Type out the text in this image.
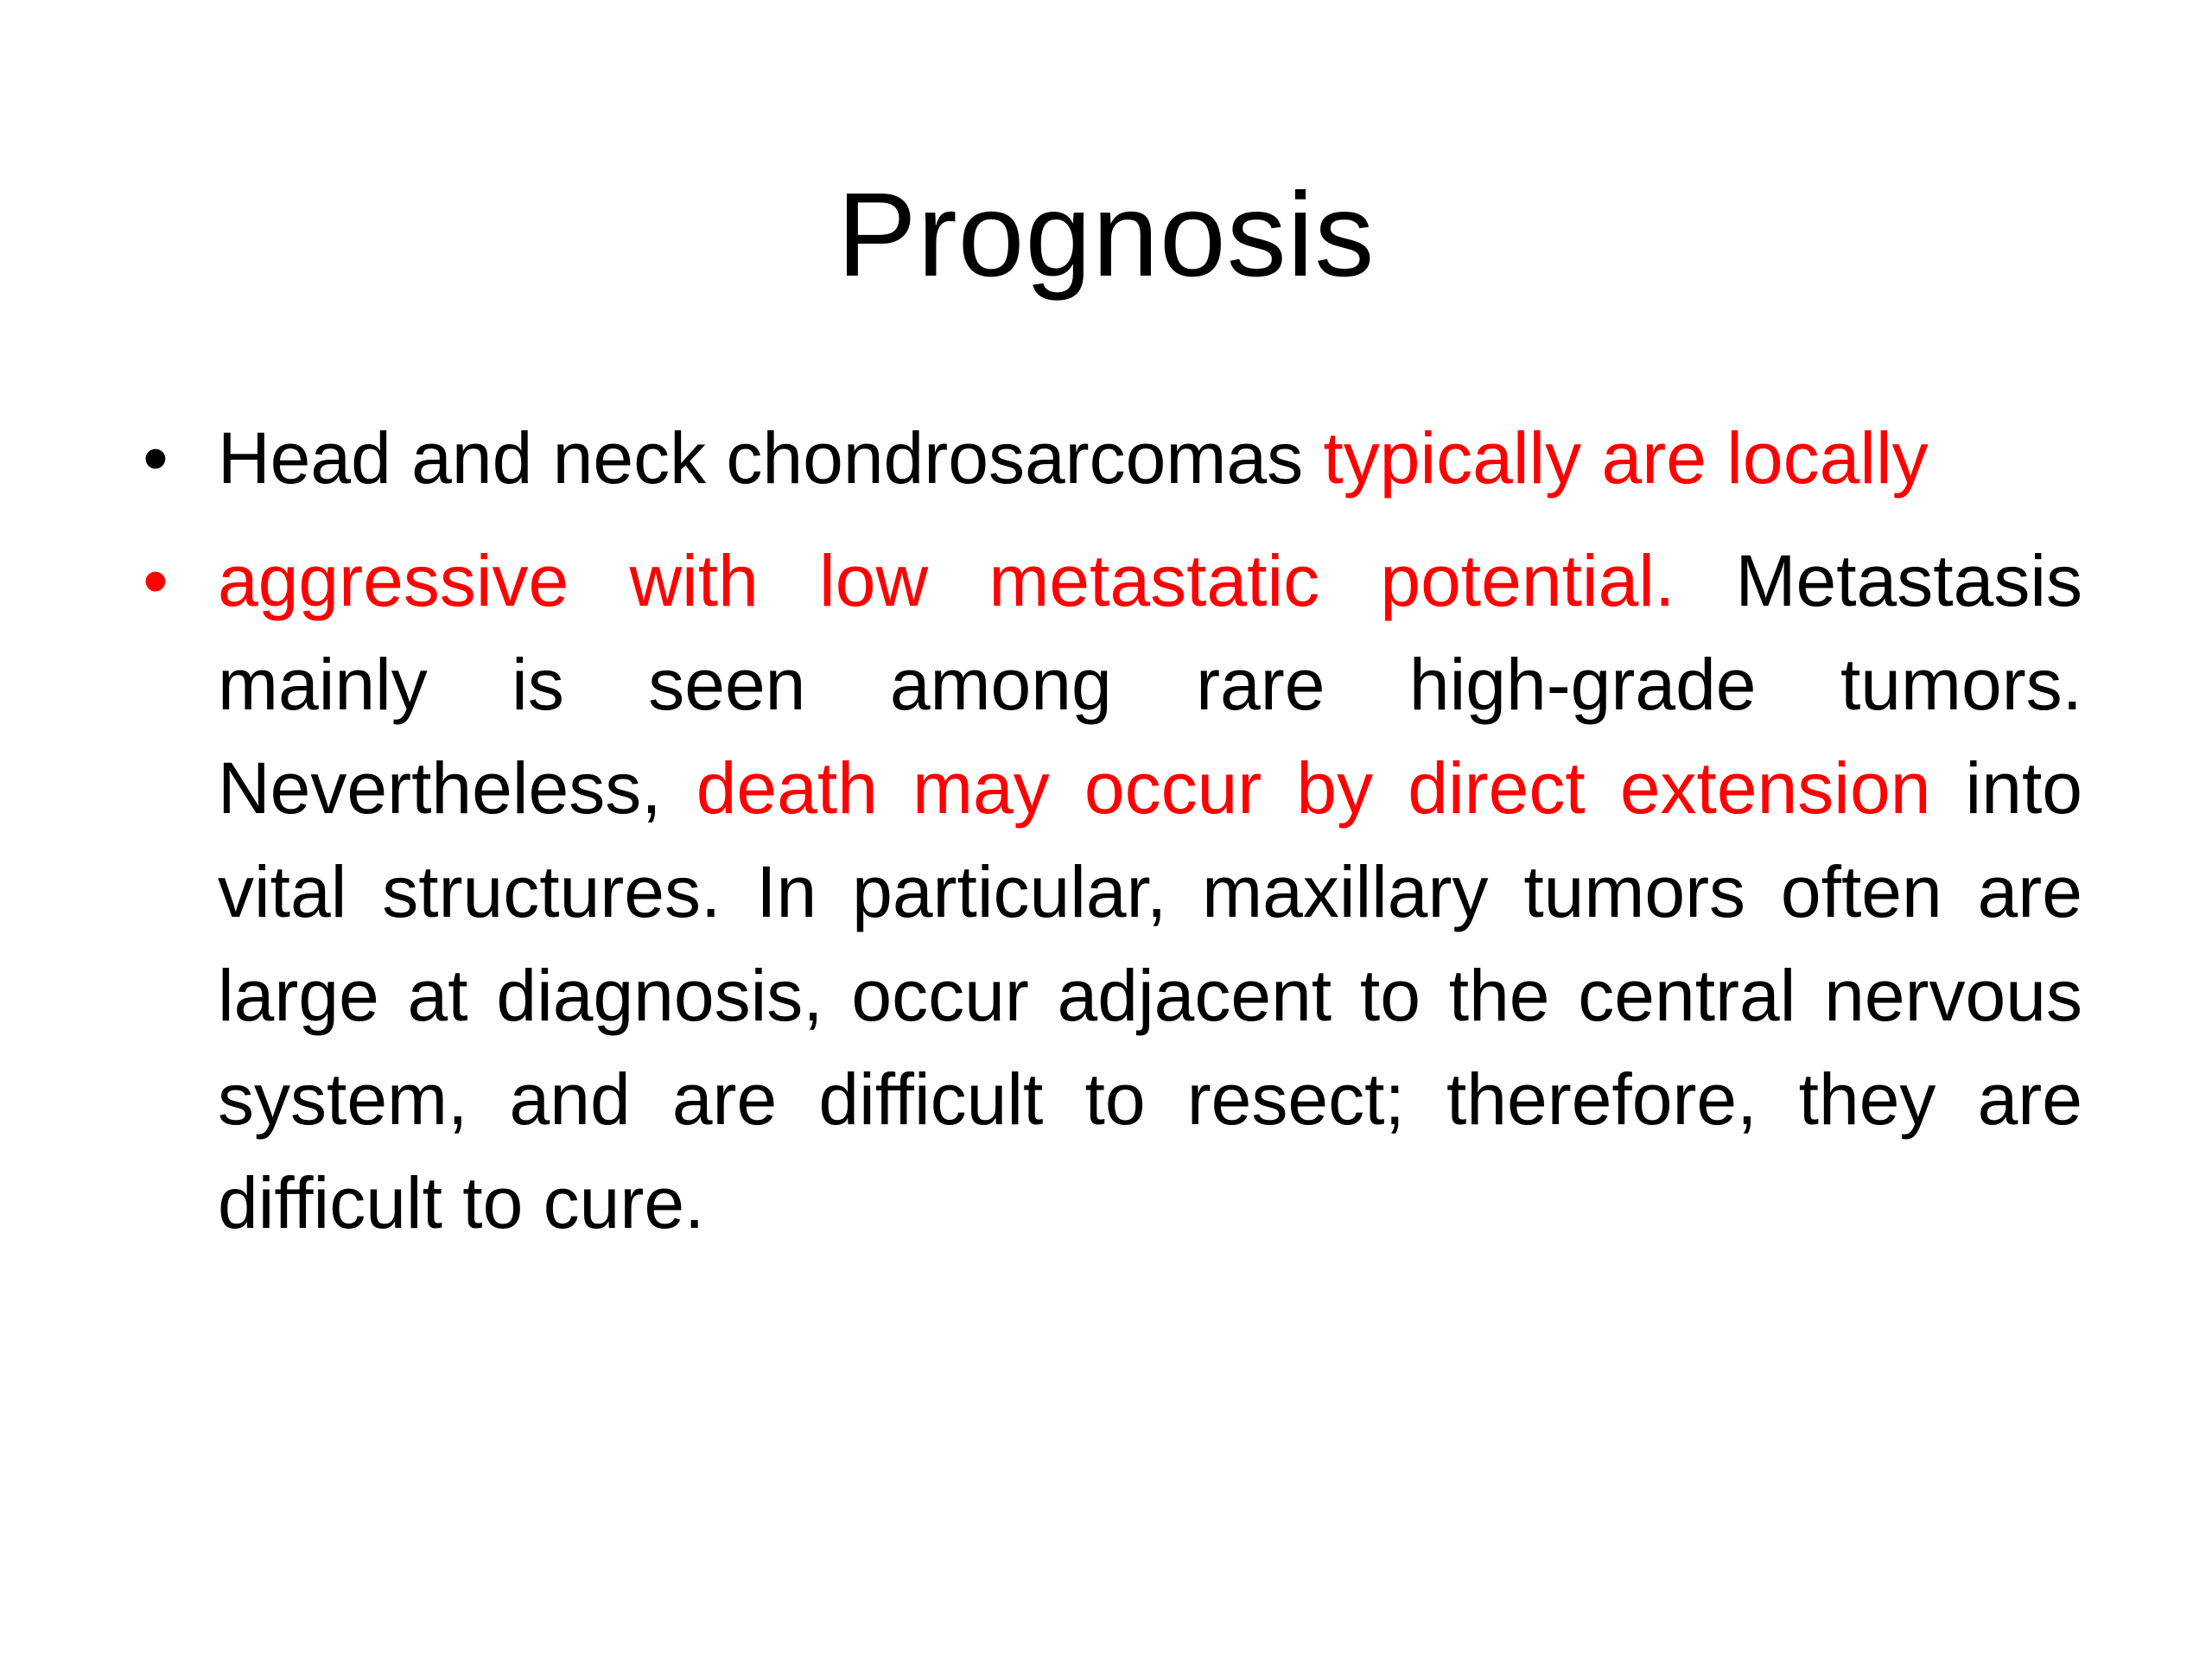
Prognosis
• Head and neck chondrosarcomas typically are locally
• aggressive with low metastatic potential. Metastasis mainly is seen among rare high-grade tumors. Nevertheless, death may occur by direct extension into vital structures. In particular, maxillary tumors often are large at diagnosis, occur adjacent to the central nervous system, and are difficult to resect; therefore, they are difficult to cure.
